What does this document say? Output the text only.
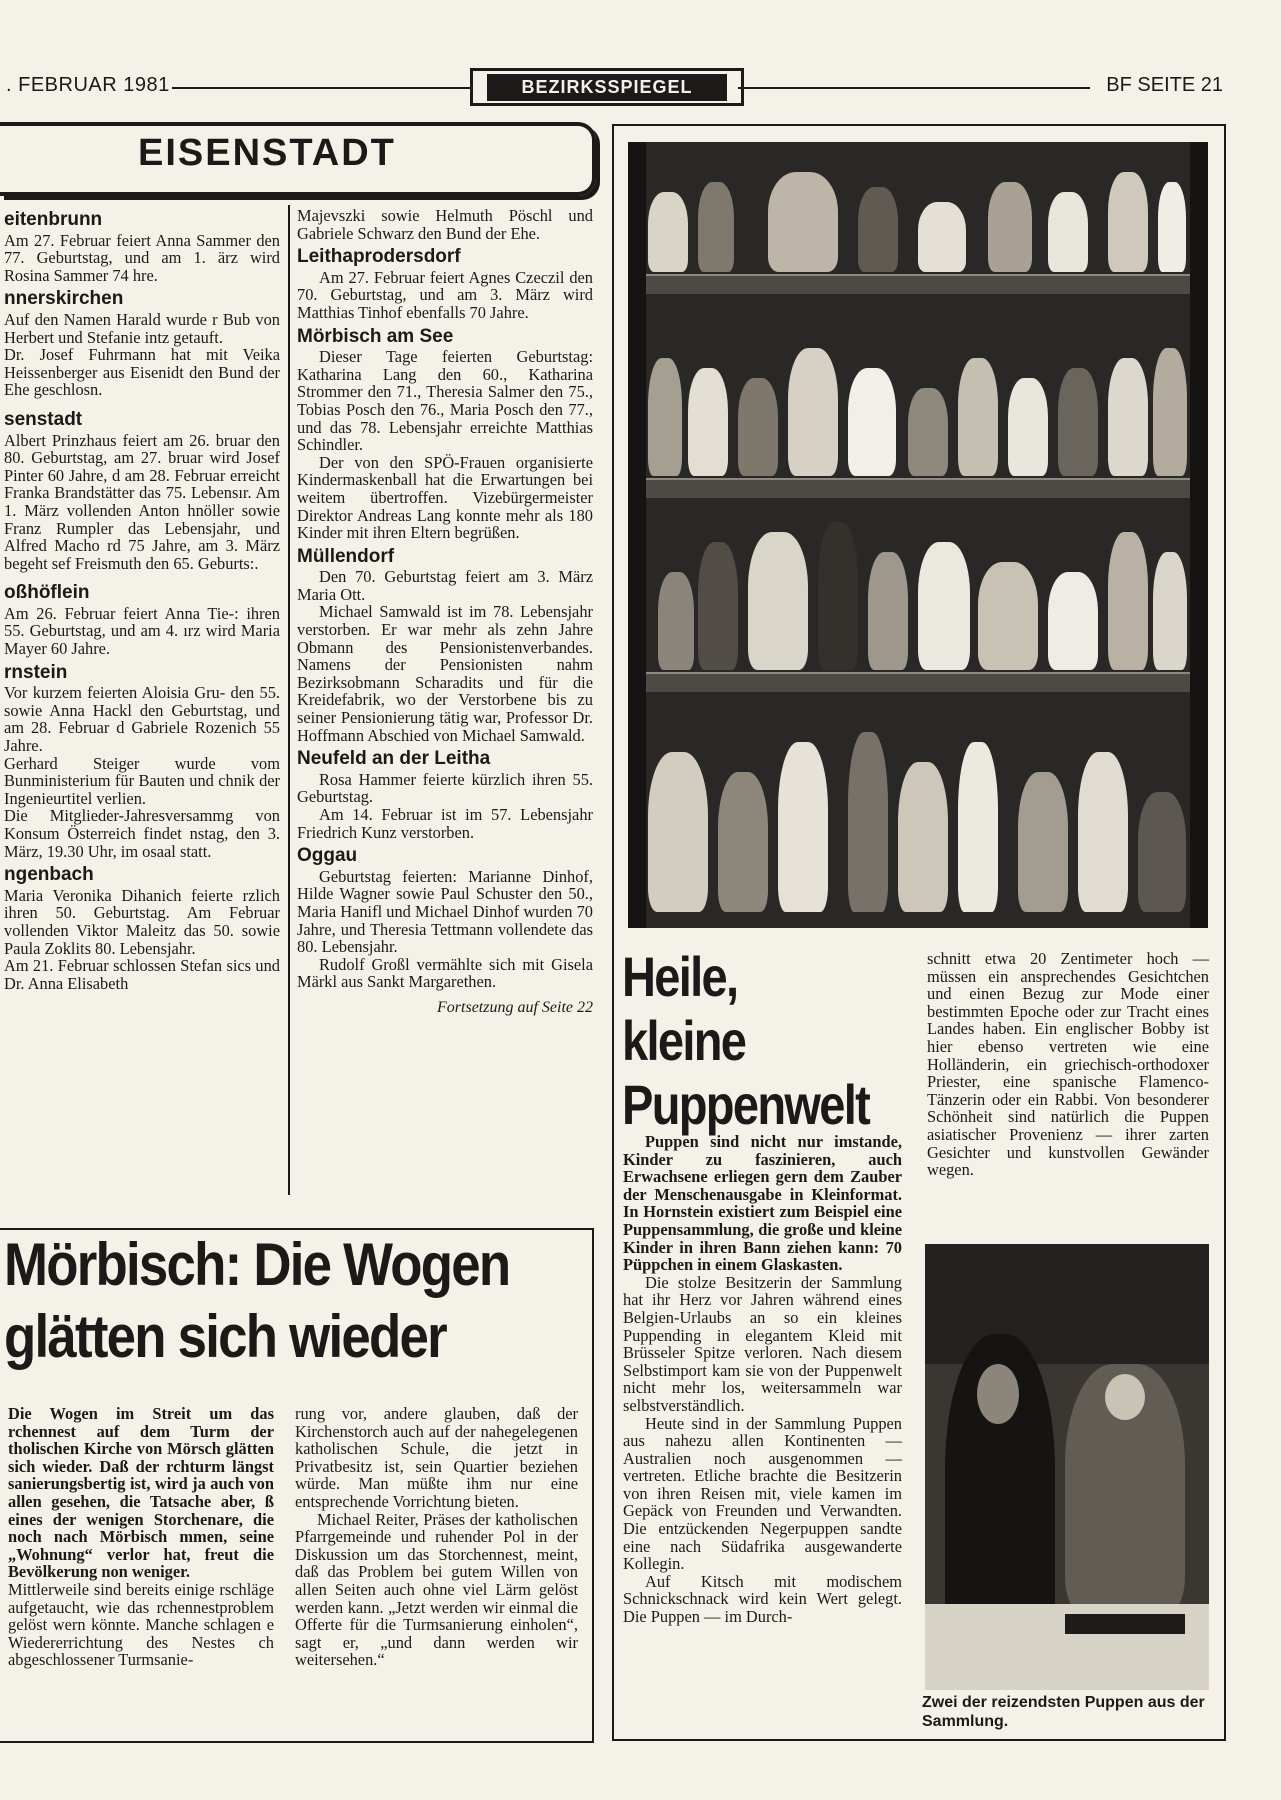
. FEBRUAR 1981	BEZIRKSSPIEGEL	BF SEITE 21
EISENSTADT
eitenbrunn

Am 27. Februar feiert Anna Sammer den 77. Geburtstag, und am 1. ärz wird Rosina Sammer 74 hre.

nnerskirchen

Auf den Namen Harald wurde r Bub von Herbert und Stefanie intz getauft.

Dr. Josef Fuhrmann hat mit Veika Heissenberger aus Eisenidt den Bund der Ehe geschlosn.

senstadt

Albert Prinzhaus feiert am 26. bruar den 80. Geburtstag, am 27. bruar wird Josef Pinter 60 Jahre, d am 28. Februar erreicht Franka Brandstätter das 75. Lebensır. Am 1. März vollenden Anton hnöller sowie Franz Rumpler das Lebensjahr, und Alfred Macho rd 75 Jahre, am 3. März begeht sef Freismuth den 65. Geburts:.

oßhöflein

Am 26. Februar feiert Anna Tie-: ihren 55. Geburtstag, und am 4. ırz wird Maria Mayer 60 Jahre.

rnstein

Vor kurzem feierten Aloisia Gru- den 55. sowie Anna Hackl den Geburtstag, und am 28. Februar d Gabriele Rozenich 55 Jahre.

Gerhard Steiger wurde vom Bunministerium für Bauten und chnik der Ingenieurtitel verlien.

Die Mitglieder-Jahresversammg von Konsum Österreich findet nstag, den 3. März, 19.30 Uhr, im osaal statt.

ngenbach

Maria Veronika Dihanich feierte rzlich ihren 50. Geburtstag. Am Februar vollenden Viktor Maleitz das 50. sowie Paula Zoklits 80. Lebensjahr.

Am 21. Februar schlossen Stefan sics und Dr. Anna Elisabeth

Majevszki sowie Helmuth Pöschl und Gabriele Schwarz den Bund der Ehe.

Leithaprodersdorf

Am 27. Februar feiert Agnes Czeczil den 70. Geburtstag, und am 3. März wird Matthias Tinhof ebenfalls 70 Jahre.

Mörbisch am See

Dieser Tage feierten Geburtstag: Katharina Lang den 60., Katharina Strommer den 71., Theresia Salmer den 75., Tobias Posch den 76., Maria Posch den 77., und das 78. Lebensjahr erreichte Matthias Schindler.

Der von den SPÖ-Frauen organisierte Kindermaskenball hat die Erwartungen bei weitem übertroffen. Vizebürgermeister Direktor Andreas Lang konnte mehr als 180 Kinder mit ihren Eltern begrüßen.

Müllendorf

Den 70. Geburtstag feiert am 3. März Maria Ott.

Michael Samwald ist im 78. Lebensjahr verstorben. Er war mehr als zehn Jahre Obmann des Pensionistenverbandes. Namens der Pensionisten nahm Bezirksobmann Scharadits und für die Kreidefabrik, wo der Verstorbene bis zu seiner Pensionierung tätig war, Professor Dr. Hoffmann Abschied von Michael Samwald.

Neufeld an der Leitha

Rosa Hammer feierte kürzlich ihren 55. Geburtstag.

Am 14. Februar ist im 57. Lebensjahr Friedrich Kunz verstorben.

Oggau

Geburtstag feierten: Marianne Dinhof, Hilde Wagner sowie Paul Schuster den 50., Maria Hanifl und Michael Dinhof wurden 70 Jahre, und Theresia Tettmann vollendete das 80. Lebensjahr.

Rudolf Großl vermählte sich mit Gisela Märkl aus Sankt Margarethen.

Fortsetzung auf Seite 22
Mörbisch: Die Wogen
glätten sich wieder

Die Wogen im Streit um das rchennest auf dem Turm der tholischen Kirche von Mörsch glätten sich wieder. Daß der rchturm längst sanierungsbertig ist, wird ja auch von allen gesehen, die Tatsache aber, ß eines der wenigen Storchenare, die noch nach Mörbisch mmen, seine „Wohnung“ verlor hat, freut die Bevölkerung non weniger.

Mittlerweile sind bereits einige rschläge aufgetaucht, wie das rchennestproblem gelöst wern könnte. Manche schlagen e Wiedererrichtung des Nestes ch abgeschlossener Turmsanie-

rung vor, andere glauben, daß der Kirchenstorch auch auf der nahegelegenen katholischen Schule, die jetzt in Privatbesitz ist, sein Quartier beziehen würde. Man müßte ihm nur eine entsprechende Vorrichtung bieten.

Michael Reiter, Präses der katholischen Pfarrgemeinde und ruhender Pol in der Diskussion um das Storchennest, meint, daß das Problem bei gutem Willen von allen Seiten auch ohne viel Lärm gelöst werden kann. „Jetzt werden wir einmal die Offerte für die Turmsanierung einholen“, sagt er, „und dann werden wir weitersehen.“

Heile,
kleine
Puppenwelt

Puppen sind nicht nur imstande, Kinder zu faszinieren, auch Erwachsene erliegen gern dem Zauber der Menschenausgabe in Kleinformat. In Hornstein existiert zum Beispiel eine Puppensammlung, die große und kleine Kinder in ihren Bann ziehen kann: 70 Püppchen in einem Glaskasten.

Die stolze Besitzerin der Sammlung hat ihr Herz vor Jahren während eines Belgien-Urlaubs an so ein kleines Puppending in elegantem Kleid mit Brüsseler Spitze verloren. Nach diesem Selbstimport kam sie von der Puppenwelt nicht mehr los, weitersammeln war selbstverständlich.

Heute sind in der Sammlung Puppen aus nahezu allen Kontinenten — Australien noch ausgenommen — vertreten. Etliche brachte die Besitzerin von ihren Reisen mit, viele kamen im Gepäck von Freunden und Verwandten. Die entzückenden Negerpuppen sandte eine nach Südafrika ausgewanderte Kollegin.

Auf Kitsch mit modischem Schnickschnack wird kein Wert gelegt. Die Puppen — im Durch-

schnitt etwa 20 Zentimeter hoch — müssen ein ansprechendes Gesichtchen und einen Bezug zur Mode einer bestimmten Epoche oder zur Tracht eines Landes haben. Ein englischer Bobby ist hier ebenso vertreten wie eine Holländerin, ein griechisch-orthodoxer Priester, eine spanische Flamenco-Tänzerin oder ein Rabbi. Von besonderer Schönheit sind natürlich die Puppen asiatischer Provenienz — ihrer zarten Gesichter und kunstvollen Gewänder wegen.

Zwei der reizendsten Puppen aus der Sammlung.
